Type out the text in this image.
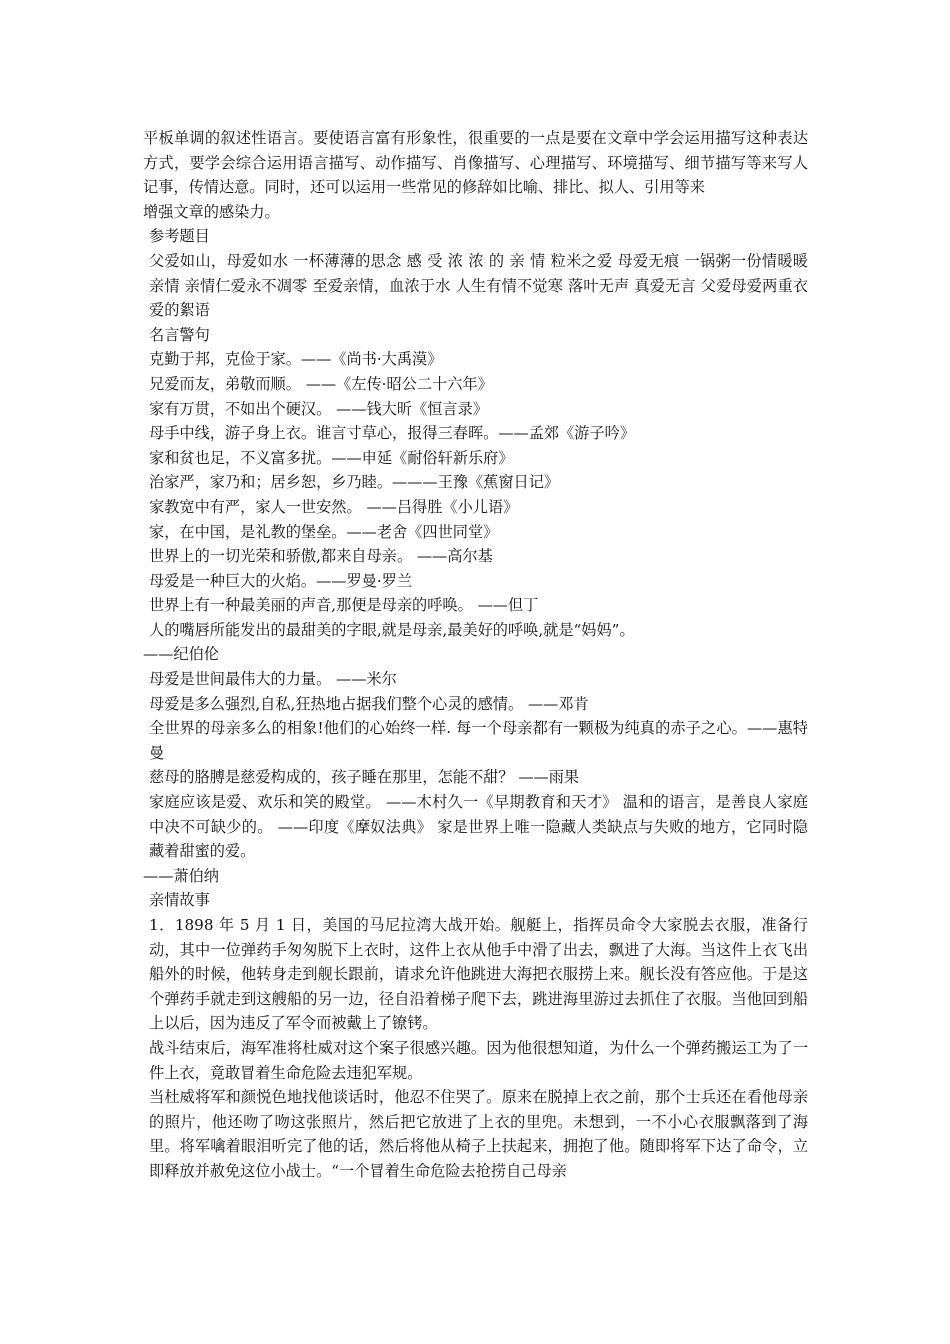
平板单调的叙述性语言。要使语言富有形象性，很重要的一点是要在文章中学会运用描写这种表达方式，要学会综合运用语言描写、动作描写、肖像描写、心理描写、环境描写、细节描写等来写人记事，传情达意。同时，还可以运用一些常见的修辞如比喻、排比、拟人、引用等来

增强文章的感染力。

参考题目

父爱如山，母爱如水 一杯薄薄的思念 感 受 浓 浓 的 亲 情 粒米之爱 母爱无痕 一锅粥一份情暖暖亲情 亲情仁爱永不凋零 至爱亲情，血浓于水 人生有情不觉寒 落叶无声 真爱无言 父爱母爱两重衣 爱的絮语

名言警句

克勤于邦，克俭于家。——《尚书·大禹漠》

兄爱而友，弟敬而顺。 ——《左传·昭公二十六年》

家有万贯，不如出个硬汉。 ——钱大昕《恒言录》

母手中线，游子身上衣。谁言寸草心，报得三春晖。——孟郊《游子吟》

家和贫也足，不义富多扰。——申延《耐俗轩新乐府》

治家严，家乃和；居乡恕，乡乃睦。———王豫《蕉窗日记》

家教宽中有严，家人一世安然。 ——吕得胜《小儿语》

家，在中国，是礼教的堡垒。——老舍《四世同堂》

世界上的一切光荣和骄傲,都来自母亲。 ——高尔基

母爱是一种巨大的火焰。——罗曼·罗兰

世界上有一种最美丽的声音,那便是母亲的呼唤。 ——但丁

人的嘴唇所能发出的最甜美的字眼,就是母亲,最美好的呼唤,就是“妈妈”。

——纪伯伦

母爱是世间最伟大的力量。 ——米尔

母爱是多么强烈,自私,狂热地占据我们整个心灵的感情。 ——邓肯

全世界的母亲多么的相象!他们的心始终一样. 每一个母亲都有一颗极为纯真的赤子之心。——惠特曼

慈母的胳膊是慈爱构成的，孩子睡在那里，怎能不甜？ ——雨果

家庭应该是爱、欢乐和笑的殿堂。 ——木村久一《早期教育和天才》 温和的语言，是善良人家庭中决不可缺少的。 ——印度《摩奴法典》 家是世界上唯一隐藏人类缺点与失败的地方，它同时隐藏着甜蜜的爱。

——萧伯纳

亲情故事

1．1898 年 5 月 1 日，美国的马尼拉湾大战开始。舰艇上，指挥员命令大家脱去衣服，准备行动，其中一位弹药手匆匆脱下上衣时，这件上衣从他手中滑了出去，飘进了大海。当这件上衣飞出船外的时候，他转身走到舰长跟前，请求允许他跳进大海把衣服捞上来。舰长没有答应他。于是这个弹药手就走到这艘船的另一边，径自沿着梯子爬下去，跳进海里游过去抓住了衣服。当他回到船上以后，因为违反了军令而被戴上了镣铐。

战斗结束后，海军准将杜威对这个案子很感兴趣。因为他很想知道，为什么一个弹药搬运工为了一件上衣，竟敢冒着生命危险去违犯军规。

当杜威将军和颜悦色地找他谈话时，他忍不住哭了。原来在脱掉上衣之前，那个士兵还在看他母亲的照片，他还吻了吻这张照片，然后把它放进了上衣的里兜。未想到，一不小心衣服飘落到了海里。将军噙着眼泪听完了他的话，然后将他从椅子上扶起来，拥抱了他。随即将军下达了命令，立即释放并赦免这位小战士。“一个冒着生命危险去抢捞自己母亲
